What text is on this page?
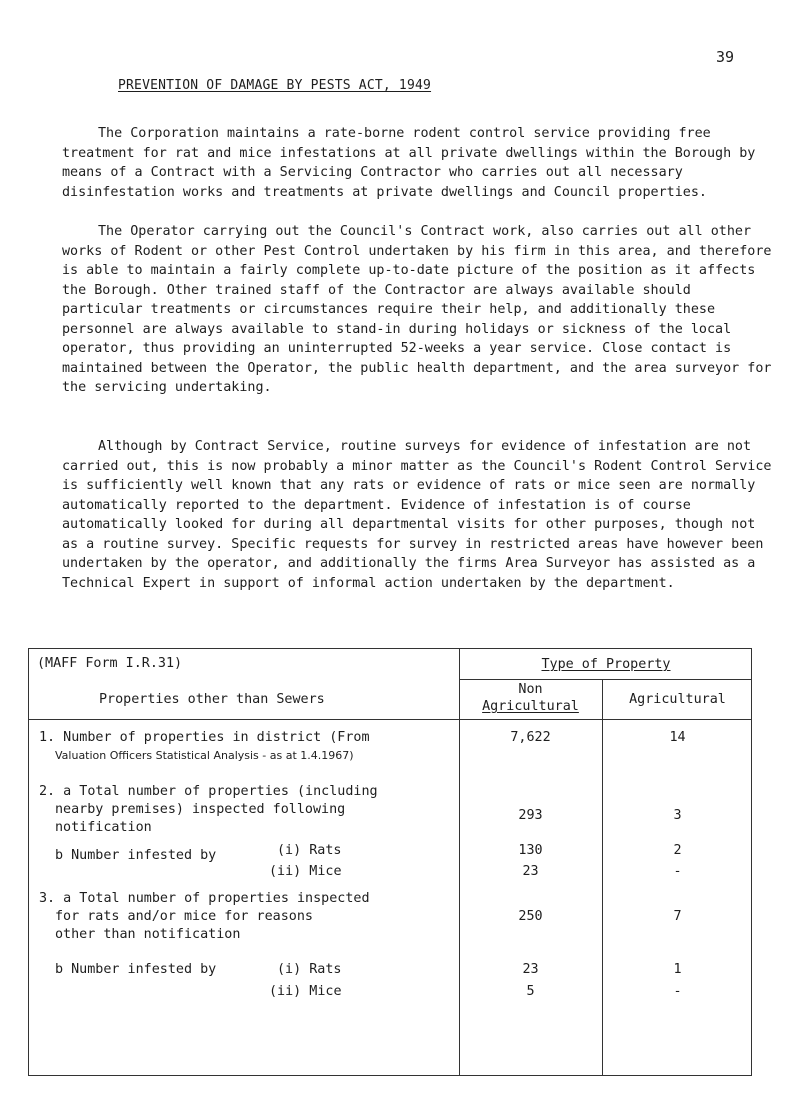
39
PREVENTION OF DAMAGE BY PESTS ACT, 1949

The Corporation maintains a rate-borne rodent control service providing free treatment for rat and mice infestations at all private dwellings within the Borough by means of a Contract with a Servicing Contractor who carries out all necessary disinfestation works and treatments at private dwellings and Council properties.

The Operator carrying out the Council's Contract work, also carries out all other works of Rodent or other Pest Control undertaken by his firm in this area, and therefore is able to maintain a fairly complete up-to-date picture of the position as it affects the Borough. Other trained staff of the Contractor are always available should particular treatments or circumstances require their help, and additionally these personnel are always available to stand-in during holidays or sickness of the local operator, thus providing an uninterrupted 52-weeks a year service. Close contact is maintained between the Operator, the public health department, and the area surveyor for the servicing undertaking.

Although by Contract Service, routine surveys for evidence of infestation are not carried out, this is now probably a minor matter as the Council's Rodent Control Service is sufficiently well known that any rats or evidence of rats or mice seen are normally automatically reported to the department. Evidence of infestation is of course automatically looked for during all departmental visits for other purposes, though not as a routine survey. Specific requests for survey in restricted areas have however been undertaken by the operator, and additionally the firms Area Surveyor has assisted as a Technical Expert in support of informal action undertaken by the department.

(MAFF Form I.R.31)
Properties other than Sewers
Type of Property
Non
Agricultural	Agricultural
1. Number of properties in district (From
Valuation Officers Statistical Analysis - as at 1.4.1967)
7,622	14
2. a Total number of properties (including
nearby premises) inspected following
notification
293	3
b Number infested by	(i) Rats	130	2
(ii) Mice	23	-
3. a Total number of properties inspected
for rats and/or mice for reasons
other than notification
250	7
b Number infested by	(i) Rats	23	1
(ii) Mice	5	-
